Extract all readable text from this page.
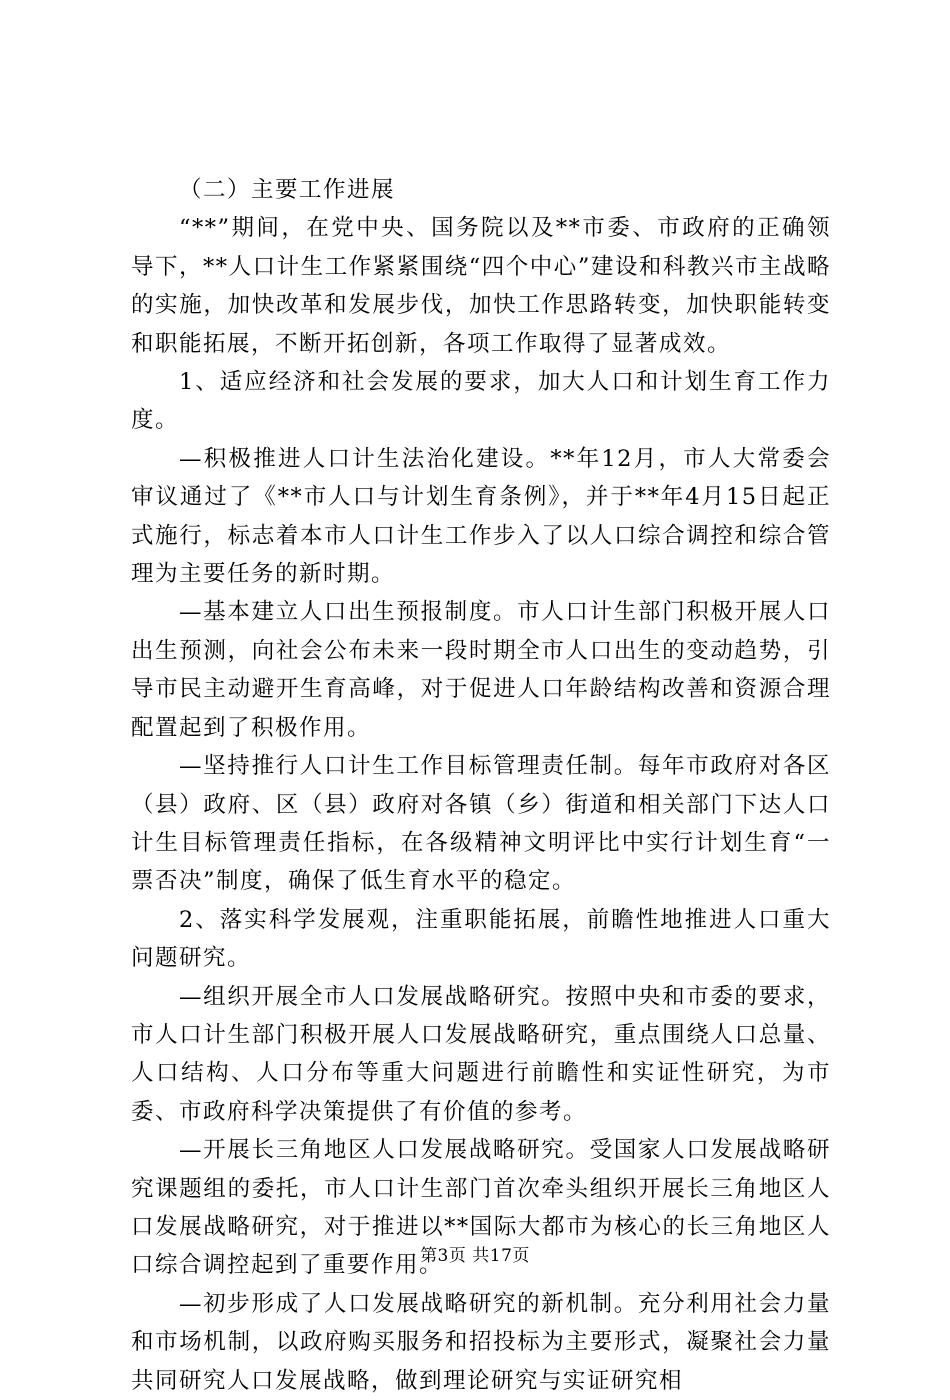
（二）主要工作进展

“**”期间，在党中央、国务院以及**市委、市政府的正确领导下，**人口计生工作紧紧围绕“四个中心”建设和科教兴市主战略的实施，加快改革和发展步伐，加快工作思路转变，加快职能转变和职能拓展，不断开拓创新，各项工作取得了显著成效。

1、适应经济和社会发展的要求，加大人口和计划生育工作力度。

—积极推进人口计生法治化建设。**年12月，市人大常委会审议通过了《**市人口与计划生育条例》，并于**年4月15日起正式施行，标志着本市人口计生工作步入了以人口综合调控和综合管理为主要任务的新时期。

—基本建立人口出生预报制度。市人口计生部门积极开展人口出生预测，向社会公布未来一段时期全市人口出生的变动趋势，引导市民主动避开生育高峰，对于促进人口年龄结构改善和资源合理配置起到了积极作用。

—坚持推行人口计生工作目标管理责任制。每年市政府对各区（县）政府、区（县）政府对各镇（乡）街道和相关部门下达人口计生目标管理责任指标，在各级精神文明评比中实行计划生育“一票否决”制度，确保了低生育水平的稳定。

2、落实科学发展观，注重职能拓展，前瞻性地推进人口重大问题研究。

—组织开展全市人口发展战略研究。按照中央和市委的要求，市人口计生部门积极开展人口发展战略研究，重点围绕人口总量、人口结构、人口分布等重大问题进行前瞻性和实证性研究，为市委、市政府科学决策提供了有价值的参考。

—开展长三角地区人口发展战略研究。受国家人口发展战略研究课题组的委托，市人口计生部门首次牵头组织开展长三角地区人口发展战略研究，对于推进以**国际大都市为核心的长三角地区人口综合调控起到了重要作用。

—初步形成了人口发展战略研究的新机制。充分利用社会力量和市场机制，以政府购买服务和招投标为主要形式，凝聚社会力量共同研究人口发展战略，做到理论研究与实证研究相

第3页 共17页
